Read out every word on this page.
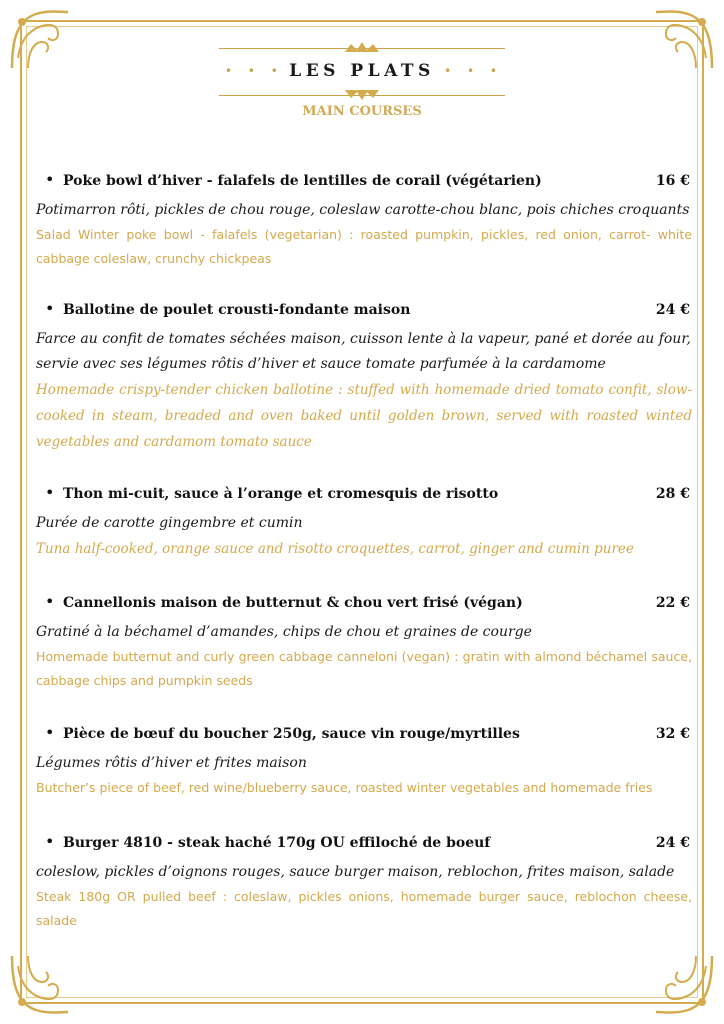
• • • LES PLATS • • •
MAIN COURSES
• Poke bowl d’hiver - falafels de lentilles de corail (végétarien)	16 €
Potimarron rôti, pickles de chou rouge, coleslaw carotte-chou blanc, pois chiches croquants
Salad Winter poke bowl - falafels (vegetarian) : roasted pumpkin, pickles, red onion, carrot- white cabbage coleslaw, crunchy chickpeas
• Ballotine de poulet crousti-fondante maison	24 €
Farce au confit de tomates séchées maison, cuisson lente à la vapeur, pané et dorée au four, servie avec ses légumes rôtis d’hiver et sauce tomate parfumée à la cardamome
Homemade crispy-tender chicken ballotine : stuffed with homemade dried tomato confit, slow-cooked in steam, breaded and oven baked until golden brown, served with roasted winted vegetables and cardamom tomato sauce
• Thon mi-cuit, sauce à l’orange et cromesquis de risotto	28 €
Purée de carotte gingembre et cumin
Tuna half-cooked, orange sauce and risotto croquettes, carrot, ginger and cumin puree
• Cannellonis maison de butternut & chou vert frisé (végan)	22 €
Gratiné à la béchamel d’amandes, chips de chou et graines de courge
Homemade butternut and curly green cabbage canneloni (vegan) : gratin with almond béchamel sauce, cabbage chips and pumpkin seeds
• Pièce de bœuf du boucher 250g, sauce vin rouge/myrtilles	32 €
Légumes rôtis d’hiver et frites maison
Butcher’s piece of beef, red wine/blueberry sauce, roasted winter vegetables and homemade fries
• Burger 4810 - steak haché 170g OU effiloché de boeuf	24 €
coleslow, pickles d’oignons rouges, sauce burger maison, reblochon, frites maison, salade
Steak 180g OR pulled beef : coleslaw, pickles onions, homemade burger sauce, reblochon cheese, salade
